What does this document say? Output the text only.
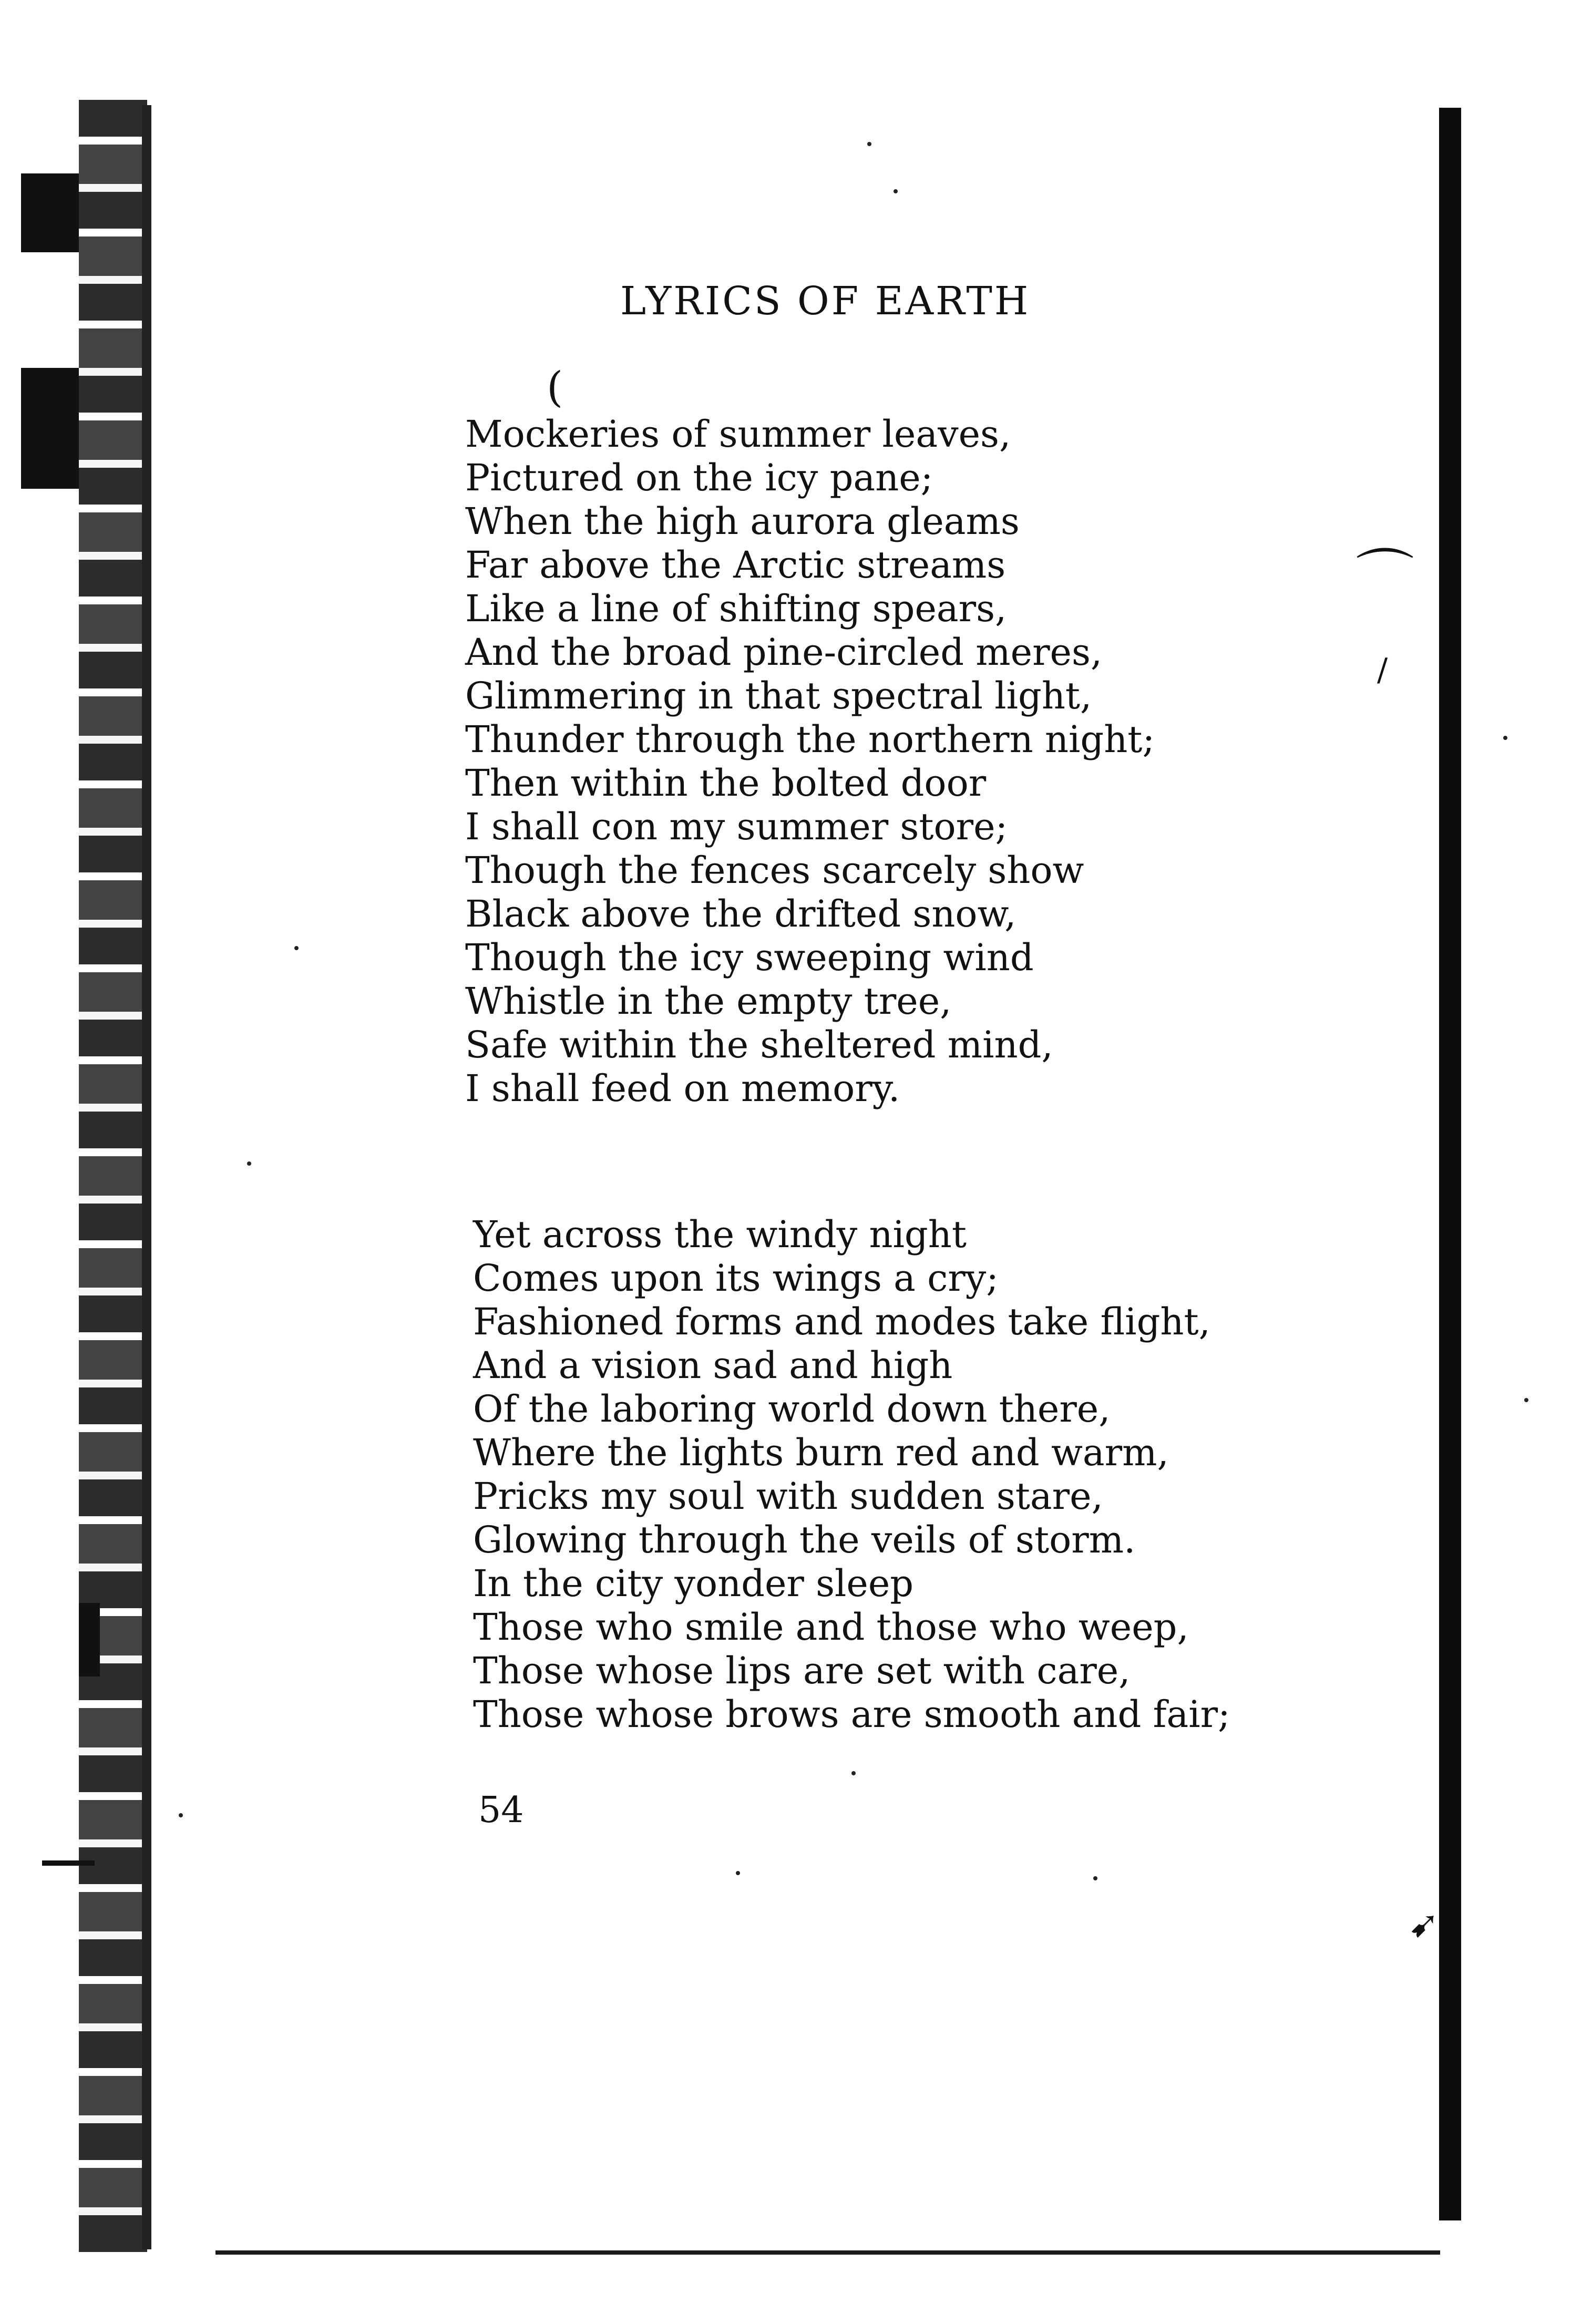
(
⌒
/
➹
LYRICS OF EARTH
Mockeries of summer leaves,
Pictured on the icy pane;
When the high aurora gleams
Far above the Arctic streams
Like a line of shifting spears,
And the broad pine-circled meres,
Glimmering in that spectral light,
Thunder through the northern night;
Then within the bolted door
I shall con my summer store;
Though the fences scarcely show
Black above the drifted snow,
Though the icy sweeping wind
Whistle in the empty tree,
Safe within the sheltered mind,
I shall feed on memory.
Yet across the windy night
Comes upon its wings a cry;
Fashioned forms and modes take flight,
And a vision sad and high
Of the laboring world down there,
Where the lights burn red and warm,
Pricks my soul with sudden stare,
Glowing through the veils of storm.
In the city yonder sleep
Those who smile and those who weep,
Those whose lips are set with care,
Those whose brows are smooth and fair;
54
